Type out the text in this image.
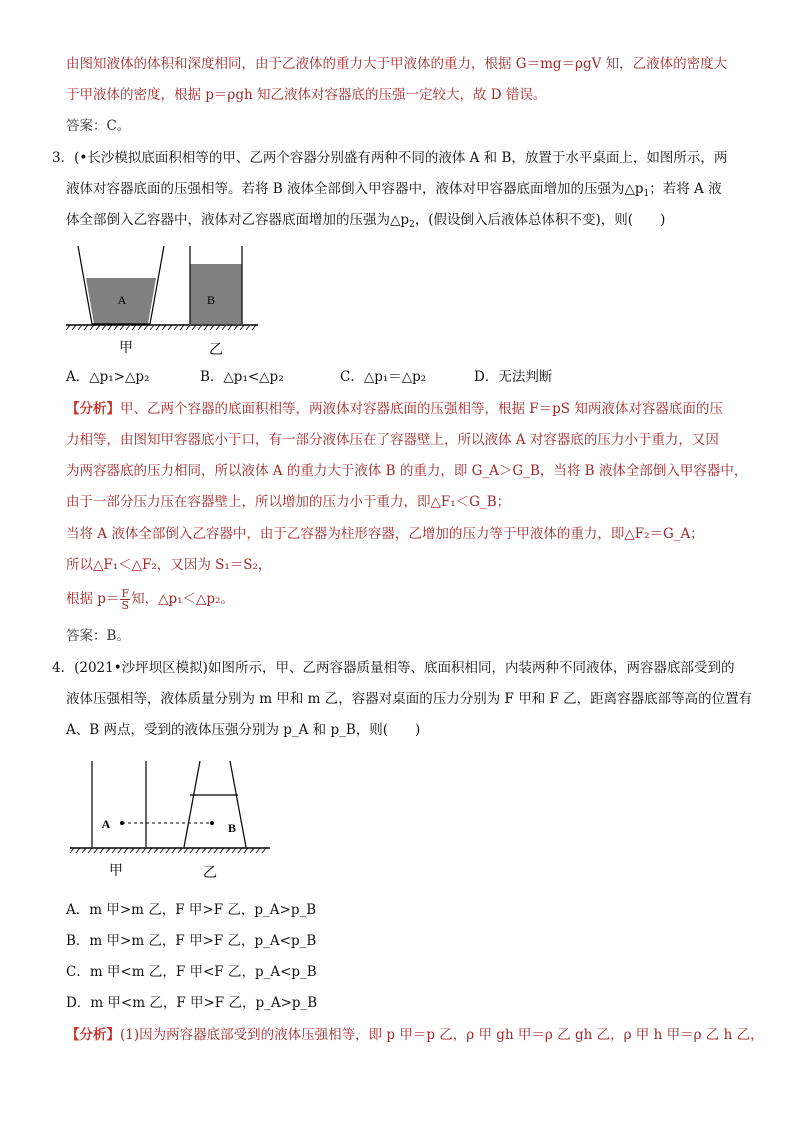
由图知液体的体积和深度相同，由于乙液体的重力大于甲液体的重力，根据 G＝mg＝ρgV 知，乙液体的密度大
于甲液体的密度，根据 p＝ρgh 知乙液体对容器底的压强一定较大，故 D 错误。
答案：C。
3．(•长沙模拟底面积相等的甲、乙两个容器分别盛有两种不同的液体 A 和 B，放置于水平桌面上，如图所示，两
液体对容器底面的压强相等。若将 B 液体全部倒入甲容器中，液体对甲容器底面增加的压强为$\triangle p_1$；若将 A 液
体全部倒入乙容器中，液体对乙容器底面增加的压强为$\triangle p_2$，(假设倒入后液体总体积不变)，则(　　)
A	B
甲	乙
A．△p₁>△p₂	B．△p₁<△p₂	C．△p₁＝△p₂	D．无法判断
【分析】甲、乙两个容器的底面积相等，两液体对容器底面的压强相等，根据 F＝pS 知两液体对容器底面的压
力相等，由图知甲容器底小于口，有一部分液体压在了容器壁上，所以液体 A 对容器底的压力小于重力，又因
为两容器底的压力相同，所以液体 A 的重力大于液体 B 的重力，即 G_A＞G_B，当将 B 液体全部倒入甲容器中，
由于一部分压力压在容器壁上，所以增加的压力小于重力，即△F₁＜G_B；
当将 A 液体全部倒入乙容器中，由于乙容器为柱形容器，乙增加的压力等于甲液体的重力，即△F₂＝G_A；
所以△F₁＜△F₂，又因为 S₁＝S₂，
根据 $p= \frac{F}{S}$ 知，△p₁＜△p₂。
答案：B。
4．(2021•沙坪坝区模拟)如图所示，甲、乙两容器质量相等、底面积相同，内装两种不同液体，两容器底部受到的
液体压强相等，液体质量分别为 m 甲和 m 乙，容器对桌面的压力分别为 F 甲和 F 乙，距离容器底部等高的位置有
A、B 两点，受到的液体压强分别为 p_A 和 p_B，则(　　)
A	B
甲	乙
A．m 甲>m 乙，F 甲>F 乙，p_A>p_B
B．m 甲>m 乙，F 甲>F 乙，p_A<p_B
C．m 甲<m 乙，F 甲<F 乙，p_A<p_B
D．m 甲<m 乙，F 甲>F 乙，p_A>p_B
【分析】(1)因为两容器底部受到的液体压强相等，即 p 甲＝p 乙，ρ 甲 gh 甲＝ρ 乙 gh 乙，ρ 甲 h 甲＝ρ 乙 h 乙，
